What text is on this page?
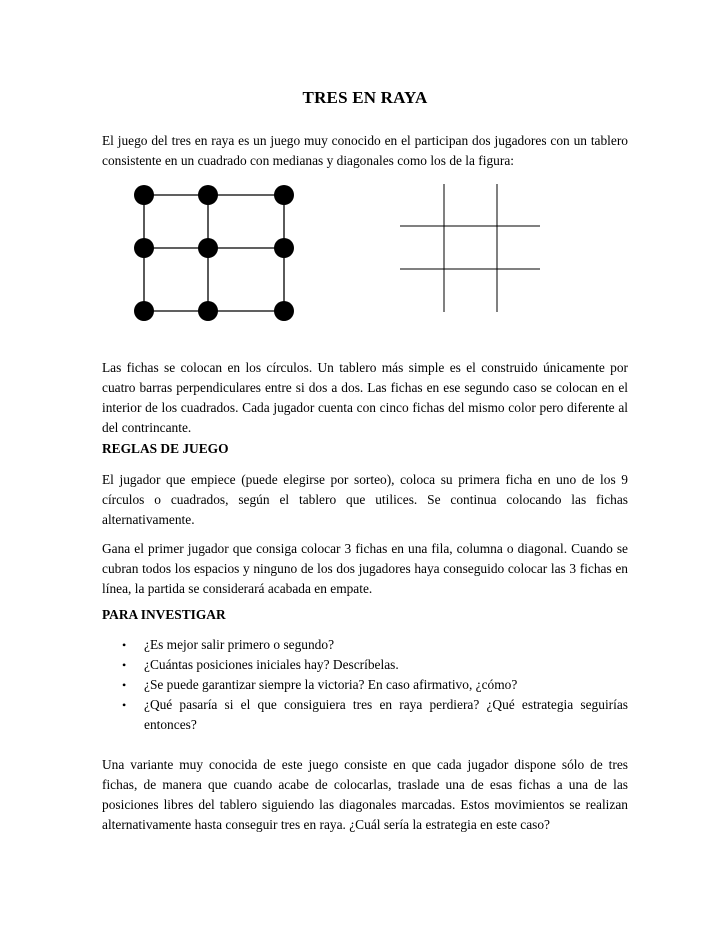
TRES EN RAYA

El juego del tres en raya es un juego muy conocido en el participan dos jugadores con un tablero consistente en un cuadrado con medianas y diagonales como los de la figura:

Las fichas se colocan en los círculos. Un tablero más simple es el construido únicamente por cuatro barras perpendiculares entre si dos a dos. Las fichas en ese segundo caso se colocan en el interior de los cuadrados. Cada jugador cuenta con cinco fichas del mismo color pero diferente al del contrincante.

REGLAS DE JUEGO

El jugador que empiece (puede elegirse por sorteo), coloca su primera ficha en uno de los 9 círculos o cuadrados, según el tablero que utilices. Se continua colocando las fichas alternativamente.

Gana el primer jugador que consiga colocar 3 fichas en una fila, columna o diagonal. Cuando se cubran todos los espacios y ninguno de los dos jugadores haya conseguido colocar las 3 fichas en línea, la partida se considerará acabada en empate.

PARA INVESTIGAR

• ¿Es mejor salir primero o segundo?
• ¿Cuántas posiciones iniciales hay? Descríbelas.
• ¿Se puede garantizar siempre la victoria? En caso afirmativo, ¿cómo?
• ¿Qué pasaría si el que consiguiera tres en raya perdiera? ¿Qué estrategia seguirías entonces?

Una variante muy conocida de este juego consiste en que cada jugador dispone sólo de tres fichas, de manera que cuando acabe de colocarlas, traslade una de esas fichas a una de las posiciones libres del tablero siguiendo las diagonales marcadas. Estos movimientos se realizan alternativamente hasta conseguir tres en raya. ¿Cuál sería la estrategia en este caso?
